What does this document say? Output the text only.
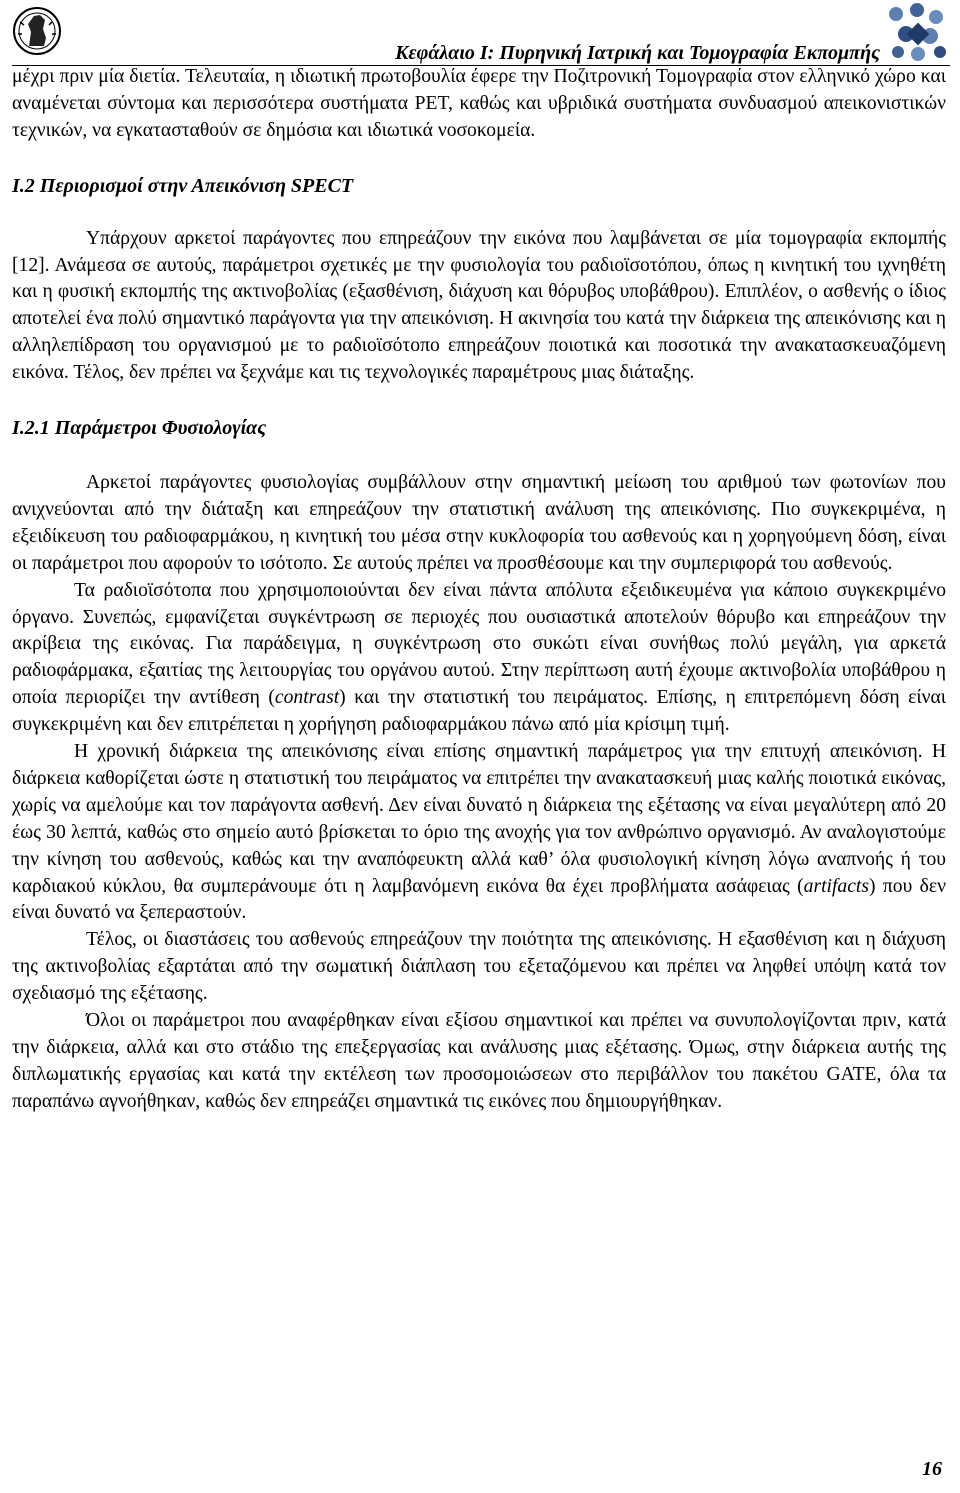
Κεφάλαιο Ι: Πυρηνική Ιατρική και Τομογραφία Εκπομπής

μέχρι πριν μία διετία. Τελευταία, η ιδιωτική πρωτοβουλία έφερε την Ποζιτρονική Τομογραφία στον ελληνικό χώρο και αναμένεται σύντομα και περισσότερα συστήματα PET, καθώς και υβριδικά συστήματα συνδυασμού απεικονιστικών τεχνικών, να εγκατασταθούν σε δημόσια και ιδιωτικά νοσοκομεία.

I.2 Περιορισμοί στην Απεικόνιση SPECT

Υπάρχουν αρκετοί παράγοντες που επηρεάζουν την εικόνα που λαμβάνεται σε μία τομογραφία εκπομπής [12]. Ανάμεσα σε αυτούς, παράμετροι σχετικές με την φυσιολογία του ραδιοϊσοτόπου, όπως η κινητική του ιχνηθέτη και η φυσική εκπομπής της ακτινοβολίας (εξασθένιση, διάχυση και θόρυβος υποβάθρου). Επιπλέον, ο ασθενής ο ίδιος αποτελεί ένα πολύ σημαντικό παράγοντα για την απεικόνιση. Η ακινησία του κατά την διάρκεια της απεικόνισης και η αλληλεπίδραση του οργανισμού με το ραδιοϊσότοπο επηρεάζουν ποιοτικά και ποσοτικά την ανακατασκευαζόμενη εικόνα. Τέλος, δεν πρέπει να ξεχνάμε και τις τεχνολογικές παραμέτρους μιας διάταξης.

I.2.1 Παράμετροι Φυσιολογίας

Αρκετοί παράγοντες φυσιολογίας συμβάλλουν στην σημαντική μείωση του αριθμού των φωτονίων που ανιχνεύονται από την διάταξη και επηρεάζουν την στατιστική ανάλυση της απεικόνισης. Πιο συγκεκριμένα, η εξειδίκευση του ραδιοφαρμάκου, η κινητική του μέσα στην κυκλοφορία του ασθενούς και η χορηγούμενη δόση, είναι οι παράμετροι που αφορούν το ισότοπο. Σε αυτούς πρέπει να προσθέσουμε και την συμπεριφορά του ασθενούς.

Τα ραδιοϊσότοπα που χρησιμοποιούνται δεν είναι πάντα απόλυτα εξειδικευμένα για κάποιο συγκεκριμένο όργανο. Συνεπώς, εμφανίζεται συγκέντρωση σε περιοχές που ουσιαστικά αποτελούν θόρυβο και επηρεάζουν την ακρίβεια της εικόνας. Για παράδειγμα, η συγκέντρωση στο συκώτι είναι συνήθως πολύ μεγάλη, για αρκετά ραδιοφάρμακα, εξαιτίας της λειτουργίας του οργάνου αυτού. Στην περίπτωση αυτή έχουμε ακτινοβολία υποβάθρου η οποία περιορίζει την αντίθεση (contrast) και την στατιστική του πειράματος. Επίσης, η επιτρεπόμενη δόση είναι συγκεκριμένη και δεν επιτρέπεται η χορήγηση ραδιοφαρμάκου πάνω από μία κρίσιμη τιμή.

Η χρονική διάρκεια της απεικόνισης είναι επίσης σημαντική παράμετρος για την επιτυχή απεικόνιση. Η διάρκεια καθορίζεται ώστε η στατιστική του πειράματος να επιτρέπει την ανακατασκευή μιας καλής ποιοτικά εικόνας, χωρίς να αμελούμε και τον παράγοντα ασθενή. Δεν είναι δυνατό η διάρκεια της εξέτασης να είναι μεγαλύτερη από 20 έως 30 λεπτά, καθώς στο σημείο αυτό βρίσκεται το όριο της ανοχής για τον ανθρώπινο οργανισμό. Αν αναλογιστούμε την κίνηση του ασθενούς, καθώς και την αναπόφευκτη αλλά καθ’ όλα φυσιολογική κίνηση λόγω αναπνοής ή του καρδιακού κύκλου, θα συμπεράνουμε ότι η λαμβανόμενη εικόνα θα έχει προβλήματα ασάφειας (artifacts) που δεν είναι δυνατό να ξεπεραστούν.

Τέλος, οι διαστάσεις του ασθενούς επηρεάζουν την ποιότητα της απεικόνισης. Η εξασθένιση και η διάχυση της ακτινοβολίας εξαρτάται από την σωματική διάπλαση του εξεταζόμενου και πρέπει να ληφθεί υπόψη κατά τον σχεδιασμό της εξέτασης.

Όλοι οι παράμετροι που αναφέρθηκαν είναι εξίσου σημαντικοί και πρέπει να συνυπολογίζονται πριν, κατά την διάρκεια, αλλά και στο στάδιο της επεξεργασίας και ανάλυσης μιας εξέτασης. Όμως, στην διάρκεια αυτής της διπλωματικής εργασίας και κατά την εκτέλεση των προσομοιώσεων στο περιβάλλον του πακέτου GATE, όλα τα παραπάνω αγνοήθηκαν, καθώς δεν επηρεάζει σημαντικά τις εικόνες που δημιουργήθηκαν.

16
